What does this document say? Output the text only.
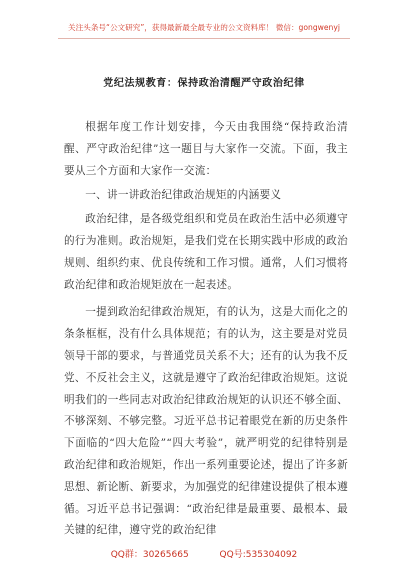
关注头条号“公文研究”，获得最新最全最专业的公文资料库！ 微信：gongwenyj
党纪法规教育：保持政治清醒严守政治纪律

根据年度工作计划安排，今天由我围绕“保持政治清醒、严守政治纪律”这一题目与大家作一交流。下面，我主要从三个方面和大家作一交流：

一、讲一讲政治纪律政治规矩的内涵要义

政治纪律，是各级党组织和党员在政治生活中必须遵守的行为准则。政治规矩，是我们党在长期实践中形成的政治规则、组织约束、优良传统和工作习惯。通常，人们习惯将政治纪律和政治规矩放在一起表述。

一提到政治纪律政治规矩，有的认为，这是大而化之的条条框框，没有什么具体规范；有的认为，这主要是对党员领导干部的要求，与普通党员关系不大；还有的认为我不反党、不反社会主义，这就是遵守了政治纪律政治规矩。这说明我们的一些同志对政治纪律政治规矩的认识还不够全面、不够深刻、不够完整。习近平总书记着眼党在新的历史条件下面临的“四大危险”“四大考验”，就严明党的纪律特别是政治纪律和政治规矩，作出一系列重要论述，提出了许多新思想、新论断、新要求，为加强党的纪律建设提供了根本遵循。习近平总书记强调：“政治纪律是最重要、最根本、最关键的纪律，遵守党的政治纪律

QQ群：30265665	QQ号:535304092
